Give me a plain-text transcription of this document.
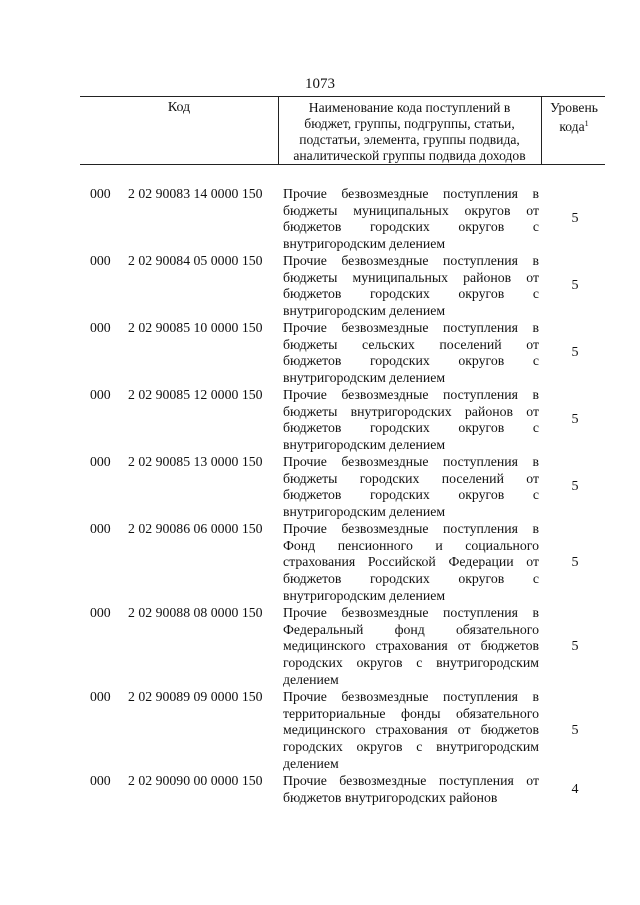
1073
Код	Наименование кода поступлений в
бюджет, группы, подгруппы, статьи,
подстатьи, элемента, группы подвида,
аналитической группы подвида доходов
Уровень
кода$^1$
000 2 02 90083 14 0000 150 Прочие безвозмездные поступления в
бюджеты муниципальных округов от
бюджетов городских округов с
внутригородским делением
5
000 2 02 90084 05 0000 150 Прочие безвозмездные поступления в
бюджеты муниципальных районов от
бюджетов городских округов с
внутригородским делением
5
000 2 02 90085 10 0000 150 Прочие безвозмездные поступления в
бюджеты сельских поселений от
бюджетов городских округов с
внутригородским делением
5
000 2 02 90085 12 0000 150 Прочие безвозмездные поступления в
бюджеты внутригородских районов от
бюджетов городских округов с
внутригородским делением
5
000 2 02 90085 13 0000 150 Прочие безвозмездные поступления в
бюджеты городских поселений от
бюджетов городских округов с
внутригородским делением
5
000 2 02 90086 06 0000 150 Прочие безвозмездные поступления в
Фонд пенсионного и социального
страхования Российской Федерации от
бюджетов городских округов с
внутригородским делением
5
000 2 02 90088 08 0000 150 Прочие безвозмездные поступления в
Федеральный фонд обязательного
медицинского страхования от бюджетов
городских округов с внутригородским
делением
5
000 2 02 90089 09 0000 150 Прочие безвозмездные поступления в
территориальные фонды обязательного
медицинского страхования от бюджетов
городских округов с внутригородским
делением
5
000 2 02 90090 00 0000 150 Прочие безвозмездные поступления от
бюджетов внутригородских районов
4
